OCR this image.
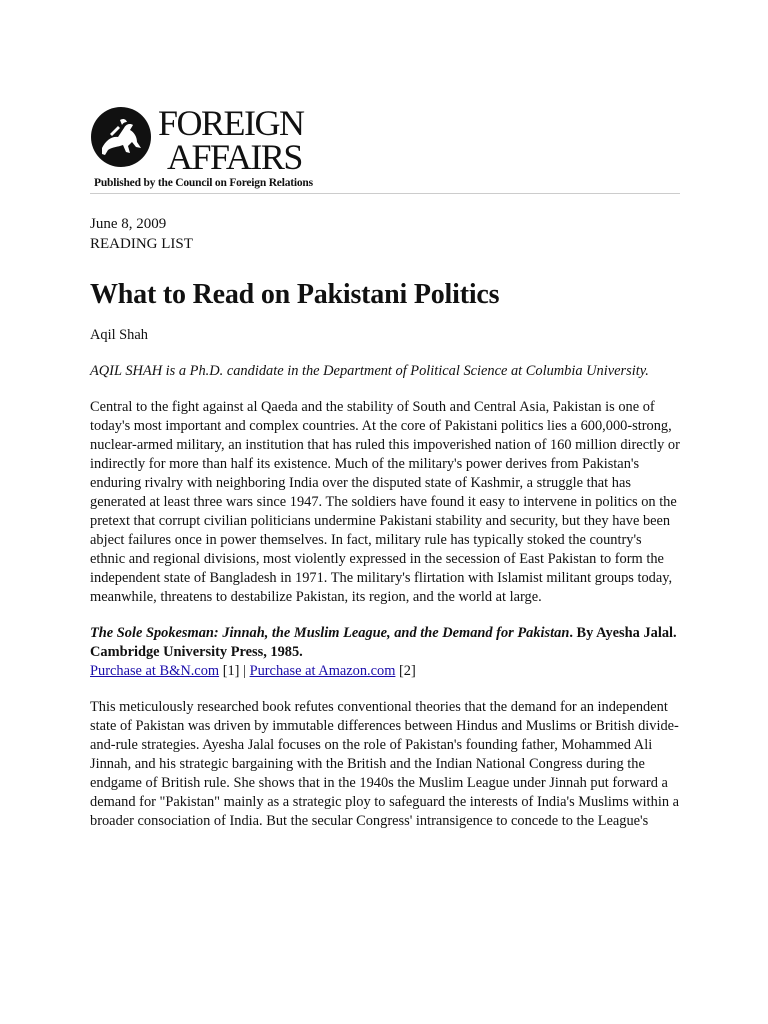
FOREIGN
AFFAIRS
Published by the Council on Foreign Relations

June 8, 2009

READING LIST

What to Read on Pakistani Politics

Aqil Shah

AQIL SHAH is a Ph.D. candidate in the Department of Political Science at Columbia University.

Central to the fight against al Qaeda and the stability of South and Central Asia, Pakistan is one of today's most important and complex countries. At the core of Pakistani politics lies a 600,000-strong, nuclear-armed military, an institution that has ruled this impoverished nation of 160 million directly or indirectly for more than half its existence. Much of the military's power derives from Pakistan's enduring rivalry with neighboring India over the disputed state of Kashmir, a struggle that has generated at least three wars since 1947. The soldiers have found it easy to intervene in politics on the pretext that corrupt civilian politicians undermine Pakistani stability and security, but they have been abject failures once in power themselves. In fact, military rule has typically stoked the country's ethnic and regional divisions, most violently expressed in the secession of East Pakistan to form the independent state of Bangladesh in 1971. The military's flirtation with Islamist militant groups today, meanwhile, threatens to destabilize Pakistan, its region, and the world at large.

The Sole Spokesman: Jinnah, the Muslim League, and the Demand for Pakistan. By Ayesha Jalal. Cambridge University Press, 1985.

Purchase at B&N.com [1] | Purchase at Amazon.com [2]

This meticulously researched book refutes conventional theories that the demand for an independent state of Pakistan was driven by immutable differences between Hindus and Muslims or British divide-and-rule strategies. Ayesha Jalal focuses on the role of Pakistan's founding father, Mohammed Ali Jinnah, and his strategic bargaining with the British and the Indian National Congress during the endgame of British rule. She shows that in the 1940s the Muslim League under Jinnah put forward a demand for "Pakistan" mainly as a strategic ploy to safeguard the interests of India's Muslims within a broader consociation of India. But the secular Congress' intransigence to concede to the League's
